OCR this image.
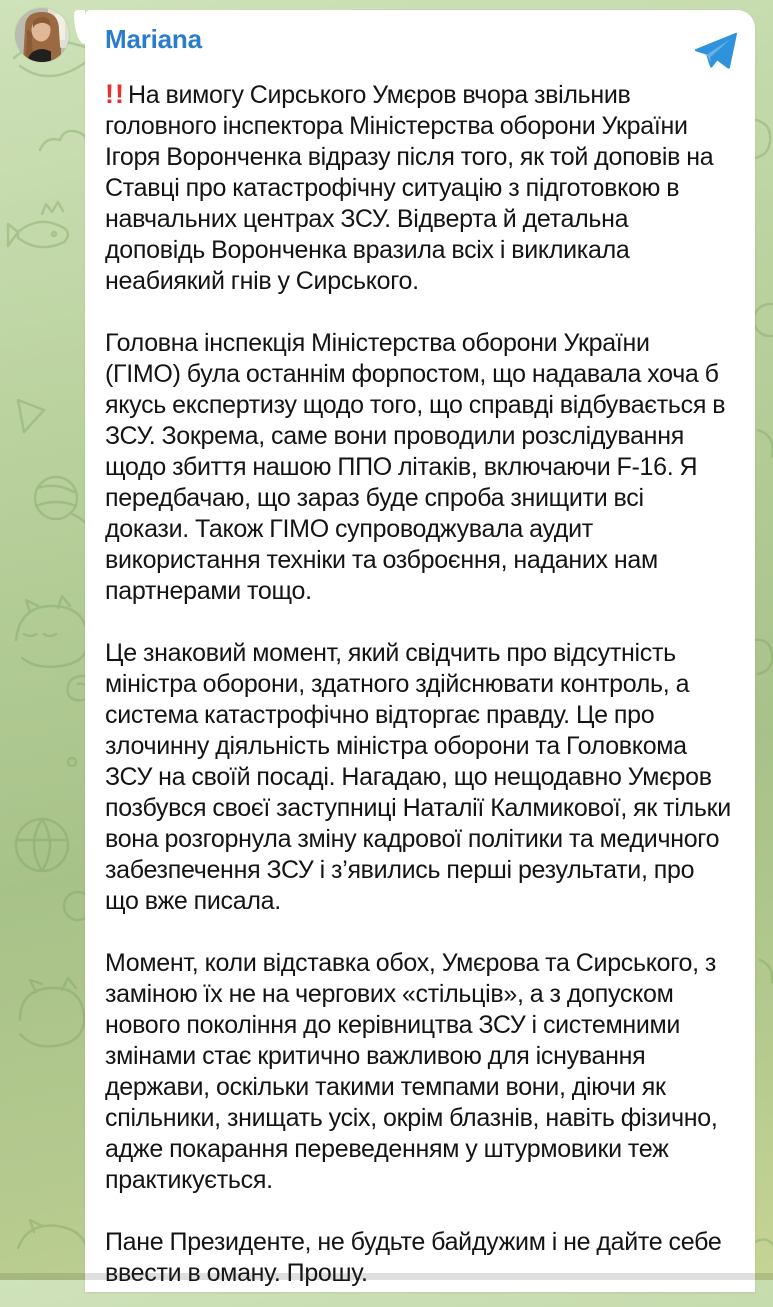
Mariana

!! На вимогу Сирського Умєров вчора звільнив головного інспектора Міністерства оборони України Ігоря Воронченка відразу після того, як той доповів на Ставці про катастрофічну ситуацію з підготовкою в навчальних центрах ЗСУ. Відверта й детальна доповідь Воронченка вразила всіх і викликала неабиякий гнів у Сирського.

Головна інспекція Міністерства оборони України (ГІМО) була останнім форпостом, що надавала хоча б якусь експертизу щодо того, що справді відбувається в ЗСУ. Зокрема, саме вони проводили розслідування щодо збиття нашою ППО літаків, включаючи F-16. Я передбачаю, що зараз буде спроба знищити всі докази. Також ГІМО супроводжувала аудит використання техніки та озброєння, наданих нам партнерами тощо.

Це знаковий момент, який свідчить про відсутність міністра оборони, здатного здійснювати контроль, а система катастрофічно відторгає правду. Це про злочинну діяльність міністра оборони та Головкома ЗСУ на своїй посаді. Нагадаю, що нещодавно Умєров позбувся своєї заступниці Наталії Калмикової, як тільки вона розгорнула зміну кадрової політики та медичного забезпечення ЗСУ і з’явились перші результати, про що вже писала.

Момент, коли відставка обох, Умєрова та Сирського, з заміною їх не на чергових «стільців», а з допуском нового покоління до керівництва ЗСУ і системними змінами стає критично важливою для існування держави, оскільки такими темпами вони, діючи як спільники, знищать усіх, окрім блазнів, навіть фізично, адже покарання переведенням у штурмовики теж практикується.

Пане Президенте, не будьте байдужим і не дайте себе ввести в оману. Прошу.
